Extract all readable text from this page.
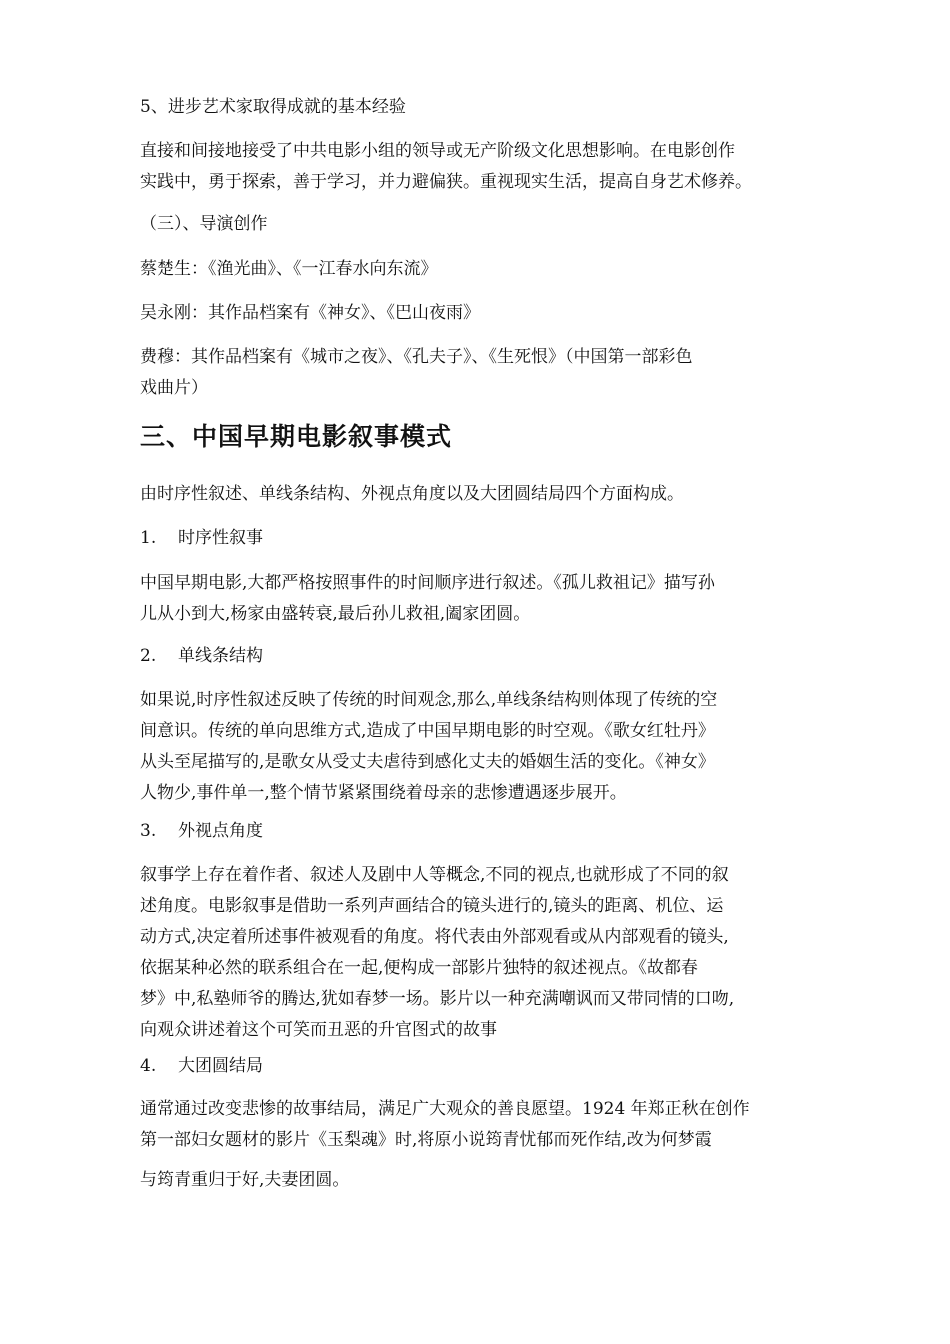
5、进步艺术家取得成就的基本经验

直接和间接地接受了中共电影小组的领导或无产阶级文化思想影响。在电影创作
实践中，勇于探索，善于学习，并力避偏狭。重视现实生活，提高自身艺术修养。

（三）、导演创作

蔡楚生：《渔光曲》、《一江春水向东流》

吴永刚：其作品档案有《神女》、《巴山夜雨》

费穆：其作品档案有《城市之夜》、《孔夫子》、《生死恨》（中国第一部彩色
戏曲片）

三、中国早期电影叙事模式

由时序性叙述、单线条结构、外视点角度以及大团圆结局四个方面构成。

1. 时序性叙事

中国早期电影,大都严格按照事件的时间顺序进行叙述。《孤儿救祖记》描写孙
儿从小到大,杨家由盛转衰,最后孙儿救祖,阖家团圆。

2. 单线条结构

如果说,时序性叙述反映了传统的时间观念,那么,单线条结构则体现了传统的空
间意识。传统的单向思维方式,造成了中国早期电影的时空观。《歌女红牡丹》
从头至尾描写的,是歌女从受丈夫虐待到感化丈夫的婚姻生活的变化。《神女》
人物少,事件单一,整个情节紧紧围绕着母亲的悲惨遭遇逐步展开。

3. 外视点角度

叙事学上存在着作者、叙述人及剧中人等概念,不同的视点,也就形成了不同的叙
述角度。电影叙事是借助一系列声画结合的镜头进行的,镜头的距离、机位、运
动方式,决定着所述事件被观看的角度。将代表由外部观看或从内部观看的镜头,
依据某种必然的联系组合在一起,便构成一部影片独特的叙述视点。《故都春
梦》中,私塾师爷的腾达,犹如春梦一场。影片以一种充满嘲讽而又带同情的口吻,
向观众讲述着这个可笑而丑恶的升官图式的故事

4. 大团圆结局

通常通过改变悲惨的故事结局，满足广大观众的善良愿望。1924 年郑正秋在创作
第一部妇女题材的影片《玉梨魂》时,将原小说筠青忧郁而死作结,改为何梦霞

与筠青重归于好,夫妻团圆。
